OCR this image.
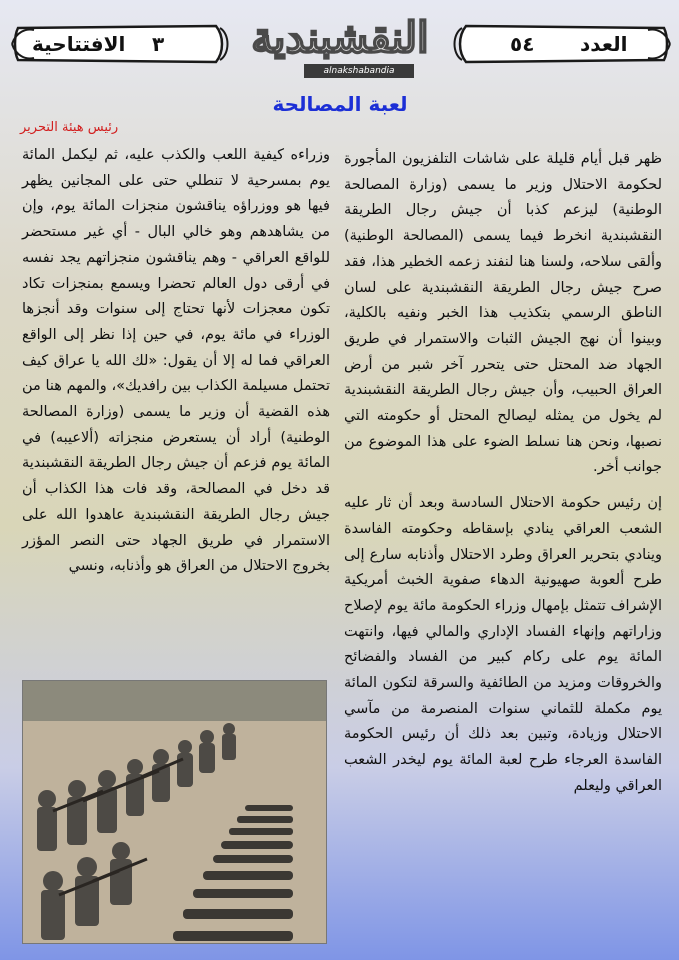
الافتتاحية ٣ النقشبندية
alnakshabandia
٥٤ العدد
لعبة المصالحة
رئيس هيئة التحرير

ظهر قبل أيام قليلة على شاشات التلفزيون المأجورة لحكومة الاحتلال وزير ما يسمى (وزارة المصالحة الوطنية) ليزعم كذبا أن جيش رجال الطريقة النقشبندية انخرط فيما يسمى (المصالحة الوطنية) وألقى سلاحه، ولسنا هنا لنفند زعمه الخطير هذا، فقد صرح جيش رجال الطريقة النقشبندية على لسان الناطق الرسمي بتكذيب هذا الخبر ونفيه بالكلية، وبينوا أن نهج الجيش الثبات والاستمرار في طريق الجهاد ضد المحتل حتى يتحرر آخر شبر من أرض العراق الحبيب، وأن جيش رجال الطريقة النقشبندية لم يخول من يمثله ليصالح المحتل أو حكومته التي نصبها، ونحن هنا نسلط الضوء على هذا الموضوع من جوانب أخر.

إن رئيس حكومة الاحتلال السادسة وبعد أن ثار عليه الشعب العراقي ينادي بإسقاطه وحكومته الفاسدة وينادي بتحرير العراق وطرد الاحتلال وأذنابه سارع إلى طرح ألعوبة صهيونية الدهاء صفوية الخبث أمريكية الإشراف تتمثل بإمهال وزراء الحكومة مائة يوم لإصلاح وزاراتهم وإنهاء الفساد الإداري والمالي فيها، وانتهت المائة يوم على ركام كبير من الفساد والفضائح والخروقات ومزيد من الطائفية والسرقة لتكون المائة يوم مكملة للثماني سنوات المنصرمة من مآسي الاحتلال وزيادة، وتبين بعد ذلك أن رئيس الحكومة الفاسدة العرجاء طرح لعبة المائة يوم ليخدر الشعب العراقي وليعلم

وزراءه كيفية اللعب والكذب عليه، ثم ليكمل المائة يوم بمسرحية لا تنطلي حتى على المجانين يظهر فيها هو ووزراؤه يناقشون منجزات المائة يوم، وإن من يشاهدهم وهو خالي البال - أي غير مستحضر للواقع العراقي - وهم يناقشون منجزاتهم يجد نفسه في أرقى دول العالم تحضرا ويسمع بمنجزات تكاد تكون معجزات لأنها تحتاج إلى سنوات وقد أنجزها الوزراء في مائة يوم، في حين إذا نظر إلى الواقع العراقي فما له إلا أن يقول: «لك الله يا عراق كيف تحتمل مسيلمة الكذاب بين رافديك»، والمهم هنا من هذه القضية أن وزير ما يسمى (وزارة المصالحة الوطنية) أراد أن يستعرض منجزاته (ألاعيبه) في المائة يوم فزعم أن جيش رجال الطريقة النقشبندية قد دخل في المصالحة، وقد فات هذا الكذاب أن جيش رجال الطريقة النقشبندية عاهدوا الله على الاستمرار في طريق الجهاد حتى النصر المؤزر بخروج الاحتلال من العراق هو وأذنابه، ونسي
